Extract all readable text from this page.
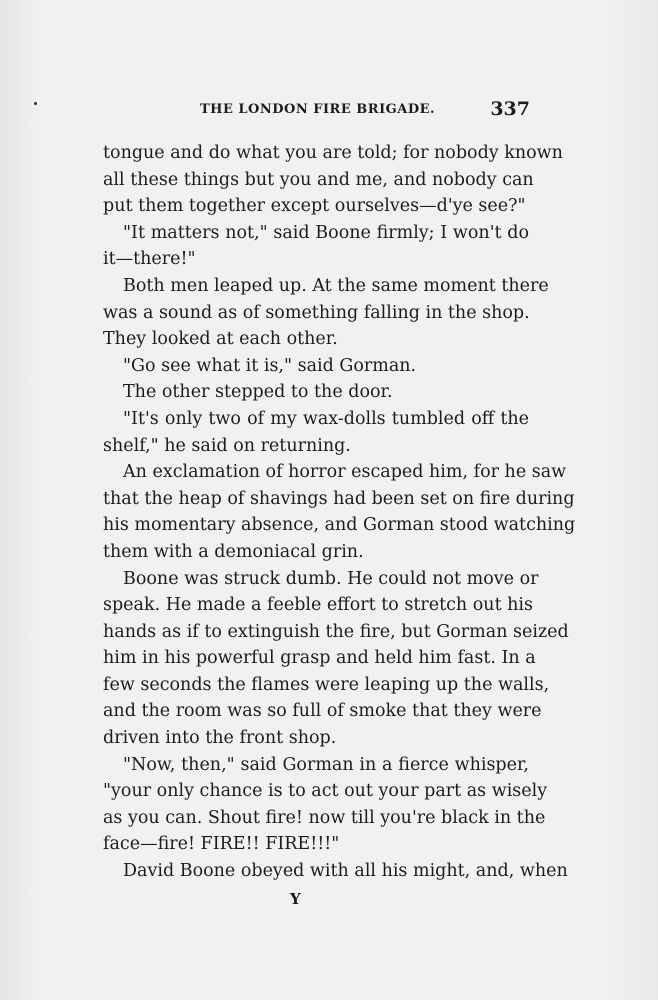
THE LONDON FIRE BRIGADE.	337
tongue and do what you are told; for nobody known
all these things but you and me, and nobody can
put them together except ourselves—d'ye see?"
"It matters not," said Boone firmly; I won't do
it—there!"
Both men leaped up. At the same moment there
was a sound as of something falling in the shop.
They looked at each other.
"Go see what it is," said Gorman.
The other stepped to the door.
"It's only two of my wax-dolls tumbled off the
shelf," he said on returning.
An exclamation of horror escaped him, for he saw
that the heap of shavings had been set on fire during
his momentary absence, and Gorman stood watching
them with a demoniacal grin.
Boone was struck dumb. He could not move or
speak. He made a feeble effort to stretch out his
hands as if to extinguish the fire, but Gorman seized
him in his powerful grasp and held him fast. In a
few seconds the flames were leaping up the walls,
and the room was so full of smoke that they were
driven into the front shop.
"Now, then," said Gorman in a fierce whisper,
"your only chance is to act out your part as wisely
as you can. Shout fire! now till you're black in the
face—fire! FIRE!! FIRE!!!"
David Boone obeyed with all his might, and, when
Y
